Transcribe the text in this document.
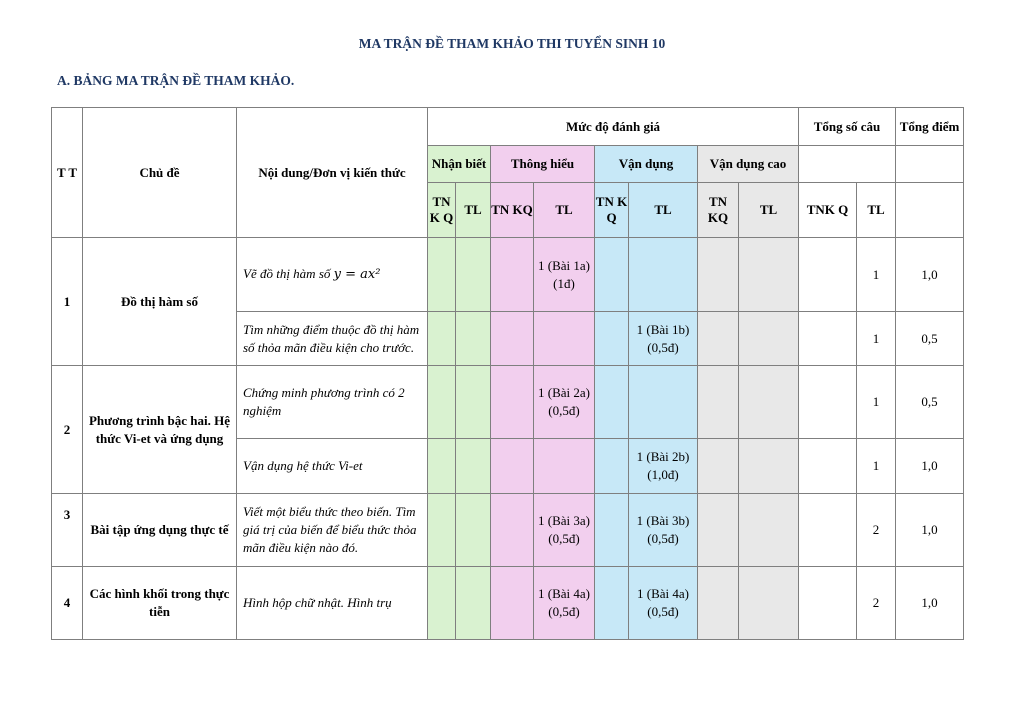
MA TRẬN ĐỀ THAM KHẢO THI TUYỂN SINH 10
A. BẢNG MA TRẬN ĐỀ THAM KHẢO.
T T	Chủ đề	Nội dung/Đơn vị kiến thức	Mức độ đánh giá								Tổng số câu		Tổng điểm
			Nhận biết		Thông hiểu		Vận dụng		Vận dụng cao				
			TN K Q	TL	TN KQ	TL	TN K Q	TL	TN KQ	TL	TNK Q	TL	
1	Đồ thị hàm số	Vẽ đồ thị hàm số y = ax²				1 (Bài 1a) (1đ)						1	1,0
		Tìm những điểm thuộc đồ thị hàm số thỏa mãn điều kiện cho trước.						1 (Bài 1b) (0,5đ)				1	0,5
2	Phương trình bậc hai. Hệ thức Vi-et và ứng dụng	Chứng minh phương trình có 2 nghiệm				1 (Bài 2a) (0,5đ)						1	0,5
		Vận dụng hệ thức Vi-et						1 (Bài 2b) (1,0đ)				1	1,0
3	Bài tập ứng dụng thực tế	Viết một biểu thức theo biến. Tìm giá trị của biến để biểu thức thỏa mãn điều kiện nào đó.				1 (Bài 3a) (0,5đ)		1 (Bài 3b) (0,5đ)				2	1,0
4	Các hình khối trong thực tiễn	Hình hộp chữ nhật. Hình trụ				1 (Bài 4a) (0,5đ)		1 (Bài 4a) (0,5đ)				2	1,0
